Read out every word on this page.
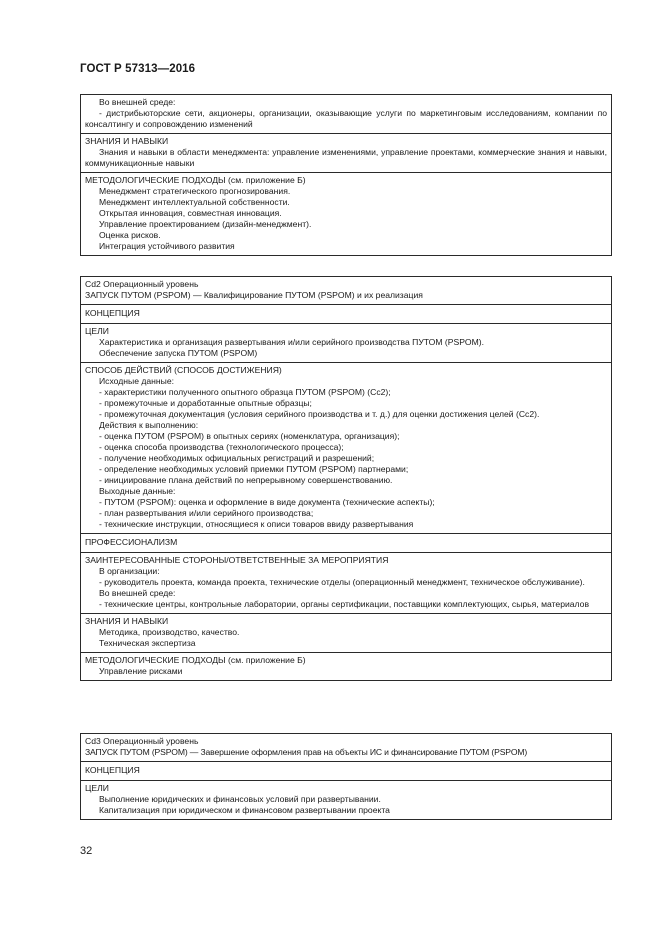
ГОСТ Р 57313—2016
Во внешней среде:
- дистрибьюторские сети, акционеры, организации, оказывающие услуги по маркетинговым исследованиям, компании по консалтингу и сопровождению изменений
ЗНАНИЯ И НАВЫКИ
Знания и навыки в области менеджмента: управление изменениями, управление проектами, коммерческие знания и навыки, коммуникационные навыки
МЕТОДОЛОГИЧЕСКИЕ ПОДХОДЫ (см. приложение Б)
Менеджмент стратегического прогнозирования.
Менеджмент интеллектуальной собственности.
Открытая инновация, совместная инновация.
Управление проектированием (дизайн-менеджмент).
Оценка рисков.
Интеграция устойчивого развития
Cd2 Операционный уровень
ЗАПУСК ПУТОМ (PSPOM) — Квалифицирование ПУТОМ (PSPOM) и их реализация
КОНЦЕПЦИЯ
ЦЕЛИ
Характеристика и организация развертывания и/или серийного производства ПУТОМ (PSPOM).
Обеспечение запуска ПУТОМ (PSPOM)
СПОСОБ ДЕЙСТВИЙ (СПОСОБ ДОСТИЖЕНИЯ)
Исходные данные:
- характеристики полученного опытного образца ПУТОМ (PSPOM) (Cc2);
- промежуточные и доработанные опытные образцы;
- промежуточная документация (условия серийного производства и т. д.) для оценки достижения целей (Cc2).
Действия к выполнению:
- оценка ПУТОМ (PSPOM) в опытных сериях (номенклатура, организация);
- оценка способа производства (технологического процесса);
- получение необходимых официальных регистраций и разрешений;
- определение необходимых условий приемки ПУТОМ (PSPOM) партнерами;
- инициирование плана действий по непрерывному совершенствованию.
Выходные данные:
- ПУТОМ (PSPOM): оценка и оформление в виде документа (технические аспекты);
- план развертывания и/или серийного производства;
- технические инструкции, относящиеся к описи товаров ввиду развертывания
ПРОФЕССИОНАЛИЗМ
ЗАИНТЕРЕСОВАННЫЕ СТОРОНЫ/ОТВЕТСТВЕННЫЕ ЗА МЕРОПРИЯТИЯ
В организации:
- руководитель проекта, команда проекта, технические отделы (операционный менеджмент, техническое обслуживание).
Во внешней среде:
- технические центры, контрольные лаборатории, органы сертификации, поставщики комплектующих, сырья, материалов
ЗНАНИЯ И НАВЫКИ
Методика, производство, качество.
Техническая экспертиза
МЕТОДОЛОГИЧЕСКИЕ ПОДХОДЫ (см. приложение Б)
Управление рисками
Cd3 Операционный уровень
ЗАПУСК ПУТОМ (PSPOM) — Завершение оформления прав на объекты ИС и финансирование ПУТОМ (PSPOM)
КОНЦЕПЦИЯ
ЦЕЛИ
Выполнение юридических и финансовых условий при развертывании.
Капитализация при юридическом и финансовом развертывании проекта
32
